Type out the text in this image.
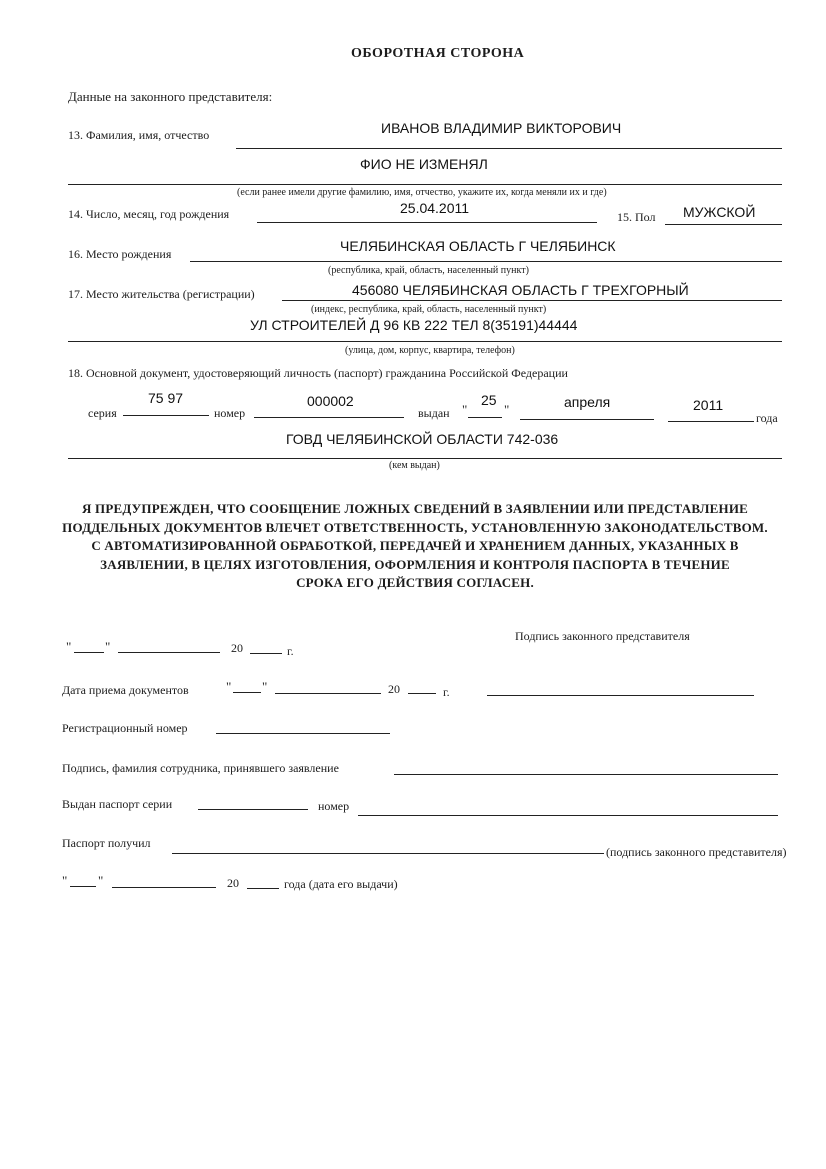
ОБОРОТНАЯ СТОРОНА
Данные на законного представителя:
13. Фамилия, имя, отчество	ИВАНОВ ВЛАДИМИР ВИКТОРОВИЧ
ФИО НЕ ИЗМЕНЯЛ
(если ранее имели другие фамилию, имя, отчество, укажите их, когда меняли их и где)
14. Число, месяц, год рождения	25.04.2011
15. Пол МУЖСКОЙ
16. Место рождения	ЧЕЛЯБИНСКАЯ ОБЛАСТЬ Г ЧЕЛЯБИНСК
(республика, край, область, населенный пункт)
17. Место жительства (регистрации)	456080 ЧЕЛЯБИНСКАЯ ОБЛАСТЬ Г ТРЕХГОРНЫЙ
(индекс, республика, край, область, населенный пункт)
УЛ СТРОИТЕЛЕЙ Д 96 КВ 222 ТЕЛ 8(35191)44444
(улица, дом, корпус, квартира, телефон)
18. Основной документ, удостоверяющий личность (паспорт) гражданина Российской Федерации
серия
75 97
номер
000002
выдан "
25
"	апреля	2011
года
ГОВД ЧЕЛЯБИНСКОЙ ОБЛАСТИ 742-036
(кем выдан)
Я ПРЕДУПРЕЖДЕН, ЧТО СООБЩЕНИЕ ЛОЖНЫХ СВЕДЕНИЙ В ЗАЯВЛЕНИИ ИЛИ ПРЕДСТАВЛЕНИЕ
ПОДДЕЛЬНЫХ ДОКУМЕНТОВ ВЛЕЧЕТ ОТВЕТСТВЕННОСТЬ, УСТАНОВЛЕННУЮ ЗАКОНОДАТЕЛЬСТВОМ.
С АВТОМАТИЗИРОВАННОЙ ОБРАБОТКОЙ, ПЕРЕДАЧЕЙ И ХРАНЕНИЕМ ДАННЫХ, УКАЗАННЫХ В
ЗАЯВЛЕНИИ, В ЦЕЛЯХ ИЗГОТОВЛЕНИЯ, ОФОРМЛЕНИЯ И КОНТРОЛЯ ПАСПОРТА В ТЕЧЕНИЕ
СРОКА ЕГО ДЕЙСТВИЯ СОГЛАСЕН.
Подпись законного представителя
"	"	20	г.
Дата приема документов	" "	20	г.
Регистрационный номер
Подпись, фамилия сотрудника, принявшего заявление
Выдан паспорт серии	номер
Паспорт получил
(подпись законного представителя)
" "	20	года (дата его выдачи)
